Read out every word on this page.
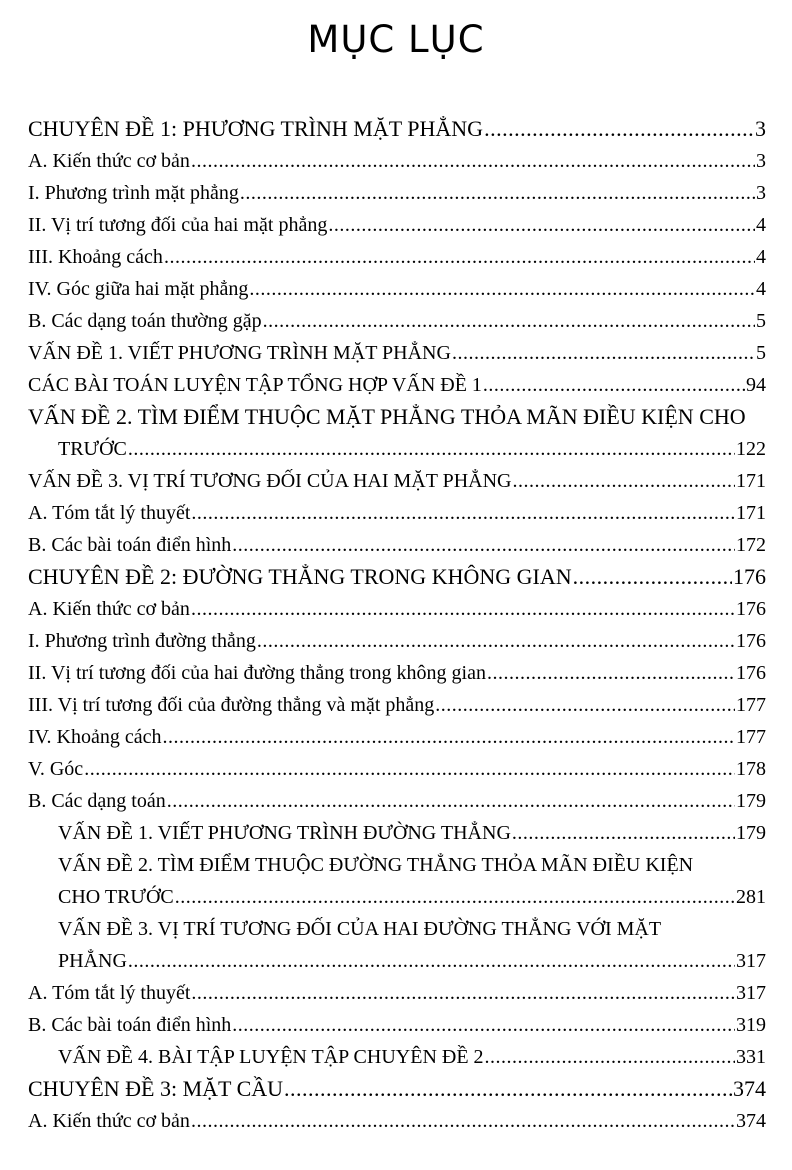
MỤC LỤC
CHUYÊN ĐỀ 1: PHƯƠNG TRÌNH MẶT PHẲNG .....	3
A. Kiến thức cơ bản .....	3
I. Phương trình mặt phẳng .....	3
II. Vị trí tương đối của hai mặt phẳng .....	4
III. Khoảng cách .....	4
IV. Góc giữa hai mặt phẳng .....	4
B. Các dạng toán thường gặp .....	5
VẤN ĐỀ 1. VIẾT PHƯƠNG TRÌNH MẶT PHẲNG .....	5
CÁC BÀI TOÁN LUYỆN TẬP TỔNG HỢP VẤN ĐỀ 1 .....	94
VẤN ĐỀ 2. TÌM ĐIỂM THUỘC MẶT PHẲNG THỎA MÃN ĐIỀU KIỆN CHO
TRƯỚC .....	122
VẤN ĐỀ 3. VỊ TRÍ TƯƠNG ĐỐI CỦA HAI MẶT PHẲNG .....	171
A. Tóm tắt lý thuyết .....	171
B. Các bài toán điển hình .....	172
CHUYÊN ĐỀ 2: ĐƯỜNG THẲNG TRONG KHÔNG GIAN .....	176
A. Kiến thức cơ bản .....	176
I. Phương trình đường thẳng .....	176
II. Vị trí tương đối của hai đường thẳng trong không gian .....	176
III. Vị trí tương đối của đường thẳng và mặt phẳng .....	177
IV. Khoảng cách .....	177
V. Góc .....	178
B. Các dạng toán .....	179
VẤN ĐỀ 1. VIẾT PHƯƠNG TRÌNH ĐƯỜNG THẲNG .....	179
VẤN ĐỀ 2. TÌM ĐIỂM THUỘC ĐƯỜNG THẲNG THỎA MÃN ĐIỀU KIỆN
CHO TRƯỚC .....	281
VẤN ĐỀ 3. VỊ TRÍ TƯƠNG ĐỐI CỦA HAI ĐƯỜNG THẲNG VỚI MẶT
PHẲNG .....	317
A. Tóm tắt lý thuyết .....	317
B. Các bài toán điển hình .....	319
VẤN ĐỀ 4. BÀI TẬP LUYỆN TẬP CHUYÊN ĐỀ 2 .....	331
CHUYÊN ĐỀ 3: MẶT CẦU .....	374
A. Kiến thức cơ bản .....	374
